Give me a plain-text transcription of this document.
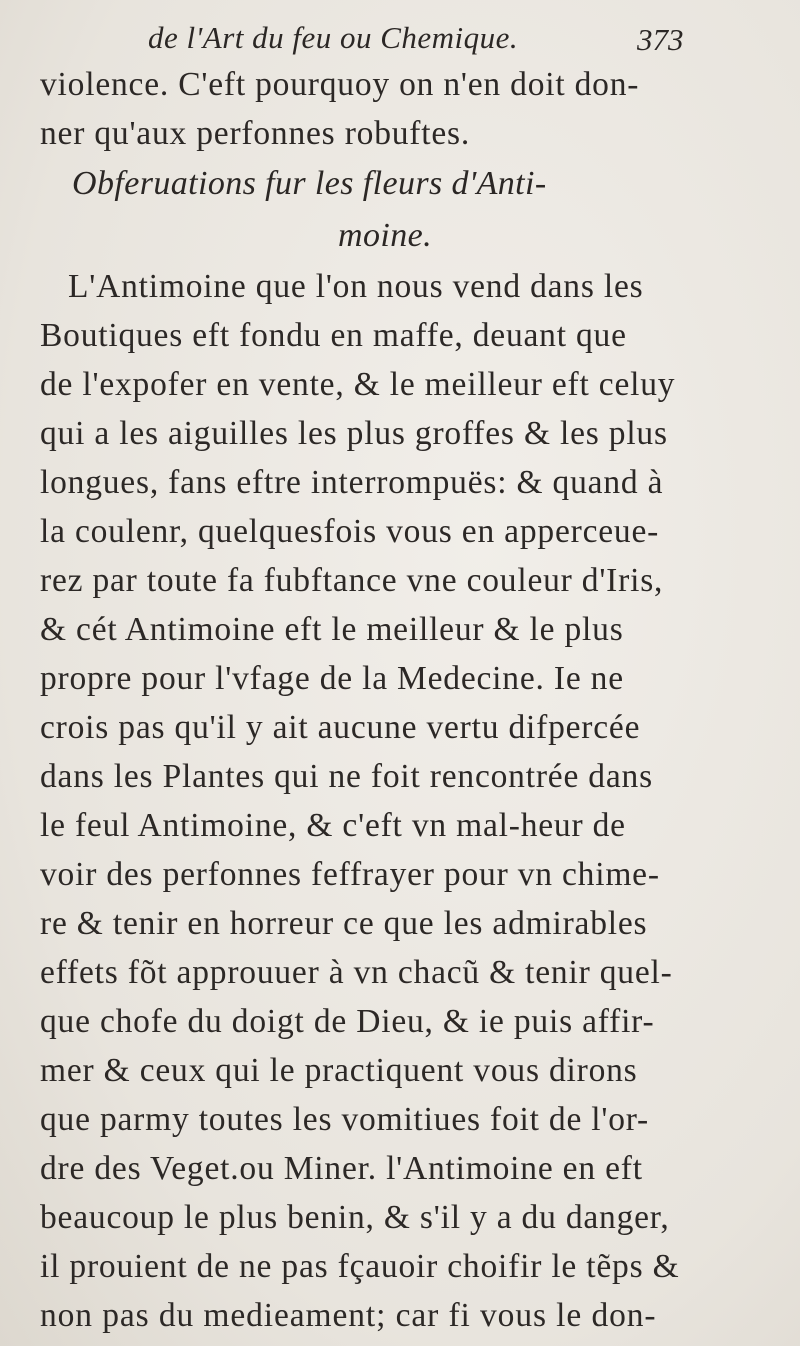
de l'Art du feu ou Chemique.	373
violence. C'eft pourquoy on n'en doit don-
ner qu'aux perfonnes robuftes.
Obferuations fur les fleurs d'Anti-
moine.
L'Antimoine que l'on nous vend dans les
Boutiques eft fondu en maffe, deuant que
de l'expofer en vente, & le meilleur eft celuy
qui a les aiguilles les plus groffes & les plus
longues, fans eftre interrompuës: & quand à
la coulenr, quelquesfois vous en apperceue-
rez par toute fa fubftance vne couleur d'Iris,
& cét Antimoine eft le meilleur & le plus
propre pour l'vfage de la Medecine. Ie ne
crois pas qu'il y ait aucune vertu difpercée
dans les Plantes qui ne foit rencontrée dans
le feul Antimoine, & c'eft vn mal-heur de
voir des perfonnes feffrayer pour vn chime-
re & tenir en horreur ce que les admirables
effets fõt approuuer à vn chacũ & tenir quel-
que chofe du doigt de Dieu, & ie puis affir-
mer & ceux qui le practiquent vous dirons
que parmy toutes les vomitiues foit de l'or-
dre des Veget.ou Miner. l'Antimoine en eft
beaucoup le plus benin, & s'il y a du danger,
il prouient de ne pas fçauoir choifir le tẽps &
non pas du medieament; car fi vous le don-
